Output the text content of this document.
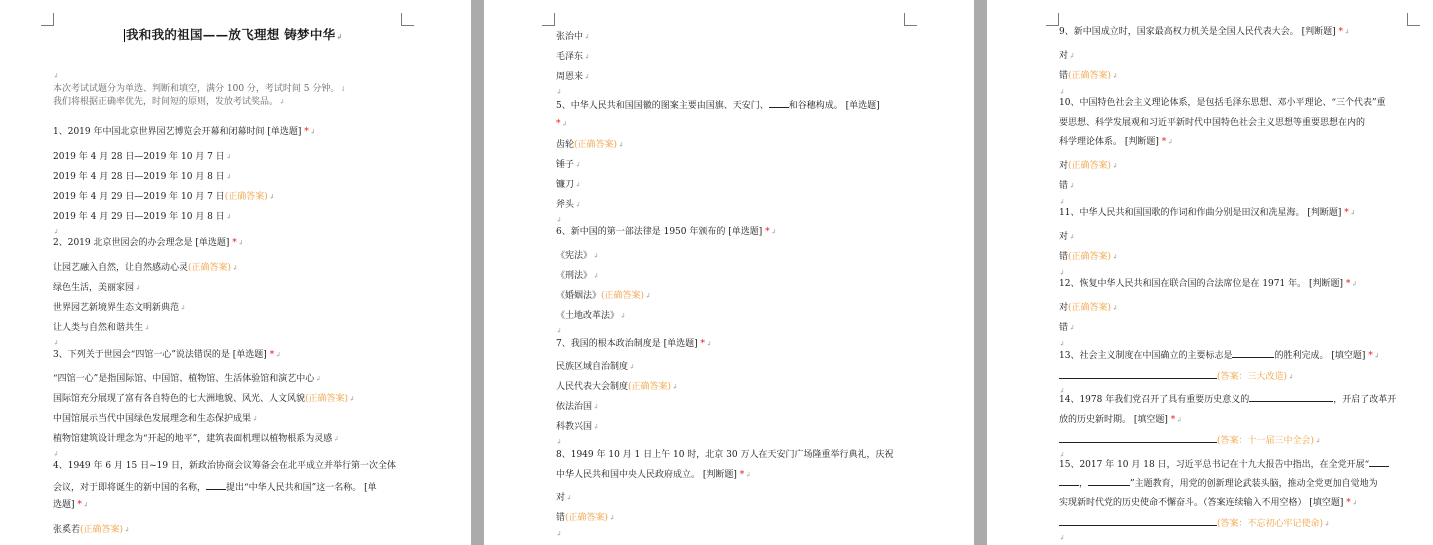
我和我的祖国——放飞理想 铸梦中华↲
↲
本次考试试题分为单选、判断和填空，满分 100 分，考试时间 5 分钟。↓
我们将根据正确率优先，时间短的原则，发放考试奖品。↲
1、2019 年中国北京世界园艺博览会开幕和闭幕时间 [单选题] *↲
2019 年 4 月 28 日—2019 年 10 月 7 日↲
2019 年 4 月 28 日—2019 年 10 月 8 日↲
2019 年 4 月 29 日—2019 年 10 月 7 日(正确答案)↲
2019 年 4 月 29 日—2019 年 10 月 8 日↲
↲
2、2019 北京世园会的办会理念是 [单选题] *↲
让园艺融入自然，让自然感动心灵(正确答案)↲
绿色生活，美丽家园↲
世界园艺新境界生态文明新典范↲
让人类与自然和谐共生↲
↲
3、下列关于世园会“四馆一心”说法错误的是 [单选题] *↲
“四馆一心”是指国际馆、中国馆、植物馆、生活体验馆和演艺中心↲
国际馆充分展现了富有各自特色的七大洲地貌、风光、人文风貌(正确答案)↲
中国馆展示当代中国绿色发展理念和生态保护成果↲
植物馆建筑设计理念为“开起的地平”，建筑表面机理以植物根系为灵感↲
↲
4、1949 年 6 月 15 日~19 日，新政治协商会议筹备会在北平成立并举行第一次全体
会议，对于即将诞生的新中国的名称， 提出“中华人民共和国”这一名称。 [单
选题] *↲
张奚若(正确答案)↲
张治中↲
毛泽东↲
周恩来↲
↲
5、中华人民共和国国徽的图案主要由国旗、天安门、 和谷穗构成。 [单选题]
*↲
齿轮(正确答案)↲
锤子↲
镰刀↲
斧头↲
↲
6、新中国的第一部法律是 1950 年颁布的 [单选题] *↲
《宪法》↲
《刑法》↲
《婚姻法》(正确答案)↲
《土地改革法》↲
↲
7、我国的根本政治制度是 [单选题] *↲
民族区域自治制度↲
人民代表大会制度(正确答案)↲
依法治国↲
科教兴国↲
↲
8、1949 年 10 月 1 日上午 10 时，北京 30 万人在天安门广场隆重举行典礼，庆祝
中华人民共和国中央人民政府成立。 [判断题] *↲
对↲
错(正确答案)↲
↲
9、新中国成立时，国家最高权力机关是全国人民代表大会。 [判断题] *↲
对↲
错(正确答案)↲
↲
10、中国特色社会主义理论体系，是包括毛泽东思想、邓小平理论、“三个代表”重
要思想、科学发展观和习近平新时代中国特色社会主义思想等重要思想在内的
科学理论体系。 [判断题] *↲
对(正确答案)↲
错↲
↲
11、中华人民共和国国歌的作词和作曲分别是田汉和冼星海。 [判断题] *↲
对↲
错(正确答案)↲
↲
12、恢复中华人民共和国在联合国的合法席位是在 1971 年。 [判断题] *↲
对(正确答案)↲
错↲
↲
13、社会主义制度在中国确立的主要标志是	的胜利完成。 [填空题] *↲
(答案：三大改造)↲
↲
14、1978 年我们党召开了具有重要历史意义的	，开启了改革开
放的历史新时期。 [填空题] *↲
(答案：十一届三中全会)↲
↲
15、2017 年 10 月 18 日，习近平总书记在十九大报告中指出，在全党开展“
，	”主题教育，用党的创新理论武装头脑，推动全党更加自觉地为
实现新时代党的历史使命不懈奋斗。（答案连续输入不用空格） [填空题] *↲
(答案：不忘初心牢记使命)↲
↲
